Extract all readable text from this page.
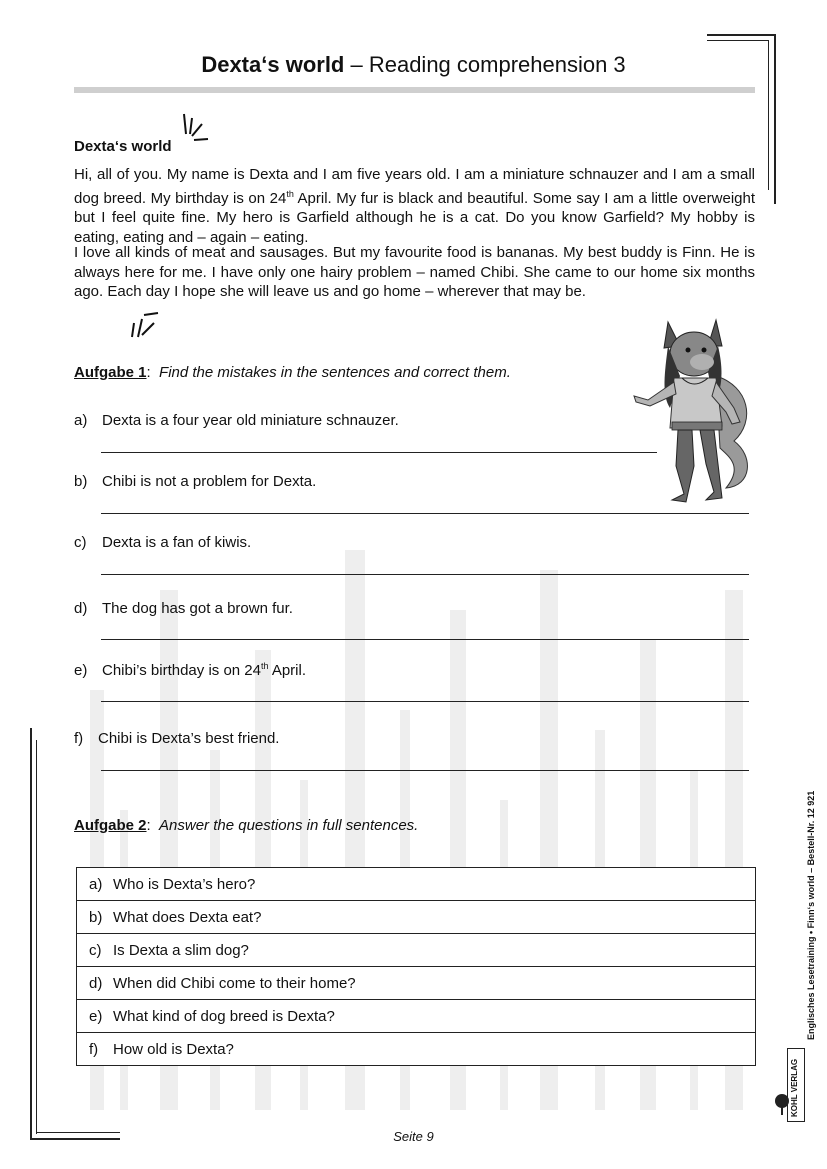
Dexta‘s world – Reading comprehension 3
Dexta‘s world
Hi, all of you. My name is Dexta and I am five years old. I am a miniature schnauzer and I am a small dog breed. My birthday is on 24th April. My fur is black and beautiful. Some say I am a little overweight but I feel quite fine. My hero is Garfield although he is a cat. Do you know Garfield? My hobby is eating, eating and – again – eating.
I love all kinds of meat and sausages. But my favourite food is bananas. My best buddy is Finn. He is always here for me. I have only one hairy problem – named Chibi. She came to our home six months ago. Each day I hope she will leave us and go home – wherever that may be.
Aufgabe 1: Find the mistakes in the sentences and correct them.
a) Dexta is a four year old miniature schnauzer.
b) Chibi is not a problem for Dexta.
c) Dexta is a fan of kiwis.
d) The dog has got a brown fur.
e) Chibi’s birthday is on 24th April.
f) Chibi is Dexta’s best friend.
Aufgabe 2: Answer the questions in full sentences.
a) Who is Dexta’s hero?
b) What does Dexta eat?
c) Is Dexta a slim dog?
d) When did Chibi come to their home?
e) What kind of dog breed is Dexta?
f) How old is Dexta?
Englisches Lesetraining • Finn‘s world – Bestell-Nr. 12 921
KOHL VERLAG
Seite 9
